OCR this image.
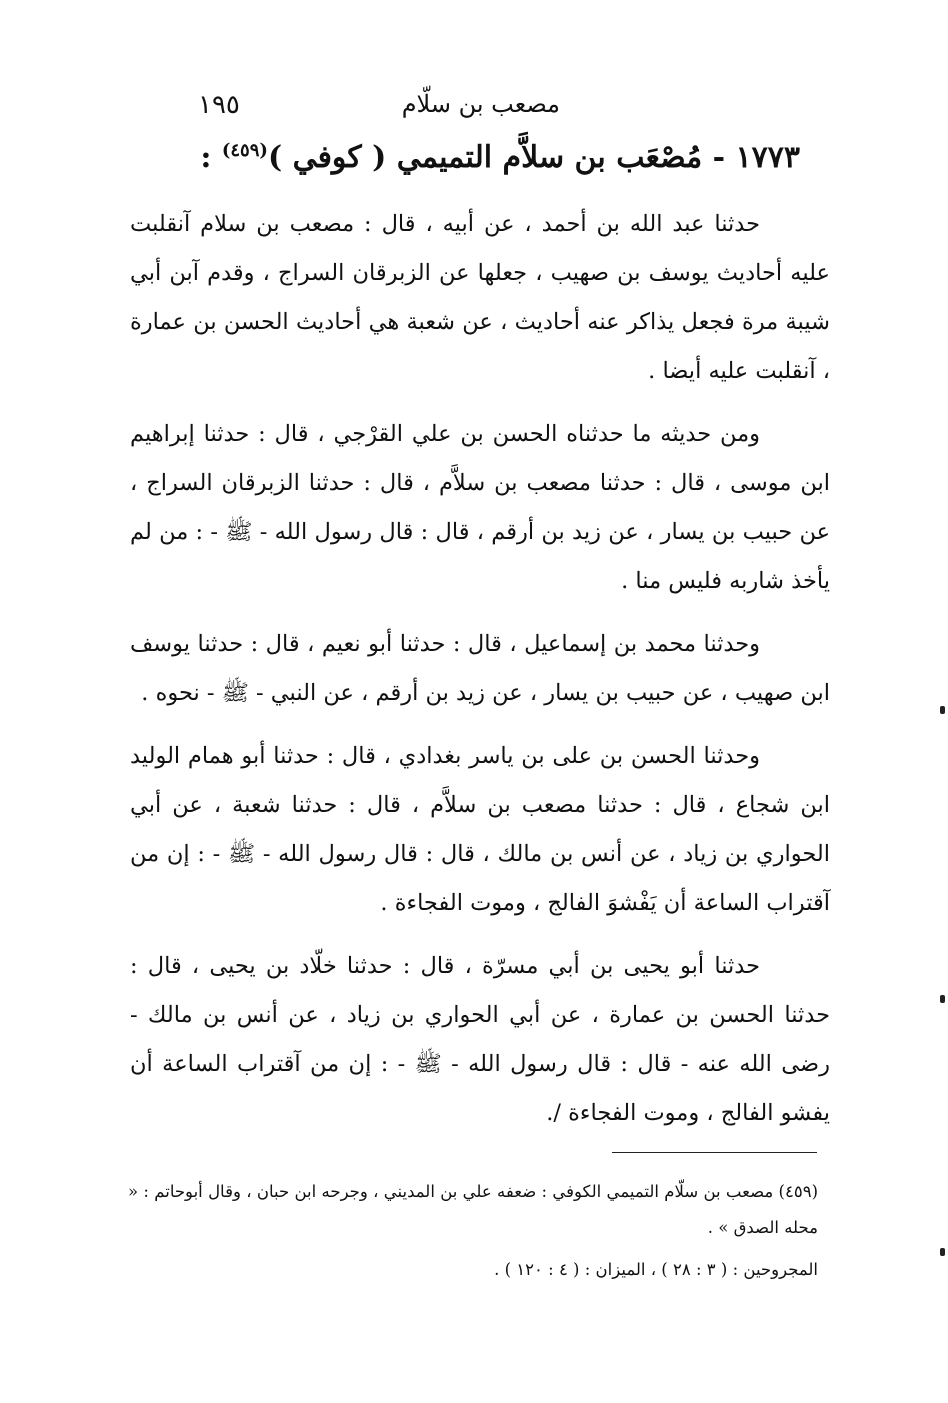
١٩٥	مصعب بن سلّام
١٧٧٣ - مُصْعَب بن سلاَّم التميمي ( كوفي )$^{(٤٥٩)}$ :

حدثنا عبد الله بن أحمد ، عن أبيه ، قال : مصعب بن سلام آنقلبت عليه أحاديث يوسف بن صهيب ، جعلها عن الزبرقان السراج ، وقدم آبن أبي شيبة مرة فجعل يذاكر عنه أحاديث ، عن شعبة هي أحاديث الحسن بن عمارة ، آنقلبت عليه أيضا .

ومن حديثه ما حدثناه الحسن بن علي القرْجي ، قال : حدثنا إبراهيم ابن موسى ، قال : حدثنا مصعب بن سلاَّم ، قال : حدثنا الزبرقان السراج ، عن حبيب بن يسار ، عن زيد بن أرقم ، قال : قال رسول الله - ﷺ - : من لم يأخذ شاربه فليس منا .

وحدثنا محمد بن إسماعيل ، قال : حدثنا أبو نعيم ، قال : حدثنا يوسف ابن صهيب ، عن حبيب بن يسار ، عن زيد بن أرقم ، عن النبي - ﷺ - نحوه .

وحدثنا الحسن بن على بن ياسر بغدادي ، قال : حدثنا أبو همام الوليد ابن شجاع ، قال : حدثنا مصعب بن سلاَّم ، قال : حدثنا شعبة ، عن أبي الحواري بن زياد ، عن أنس بن مالك ، قال : قال رسول الله - ﷺ - : إن من آقتراب الساعة أن يَفْشوَ الفالج ، وموت الفجاءة .

حدثنا أبو يحيى بن أبي مسرّة ، قال : حدثنا خلّاد بن يحيى ، قال : حدثنا الحسن بن عمارة ، عن أبي الحواري بن زياد ، عن أنس بن مالك - رضى الله عنه - قال : قال رسول الله - ﷺ - : إن من آقتراب الساعة أن يفشو الفالج ، وموت الفجاءة /.

(٤٥٩) مصعب بن سلّام التميمي الكوفي : ضعفه علي بن المديني ، وجرحه ابن حبان ، وقال أبوحاتم : « محله الصدق » .

المجروحين : ( ٣ : ٢٨ ) ، الميزان : ( ٤ : ١٢٠ ) .
